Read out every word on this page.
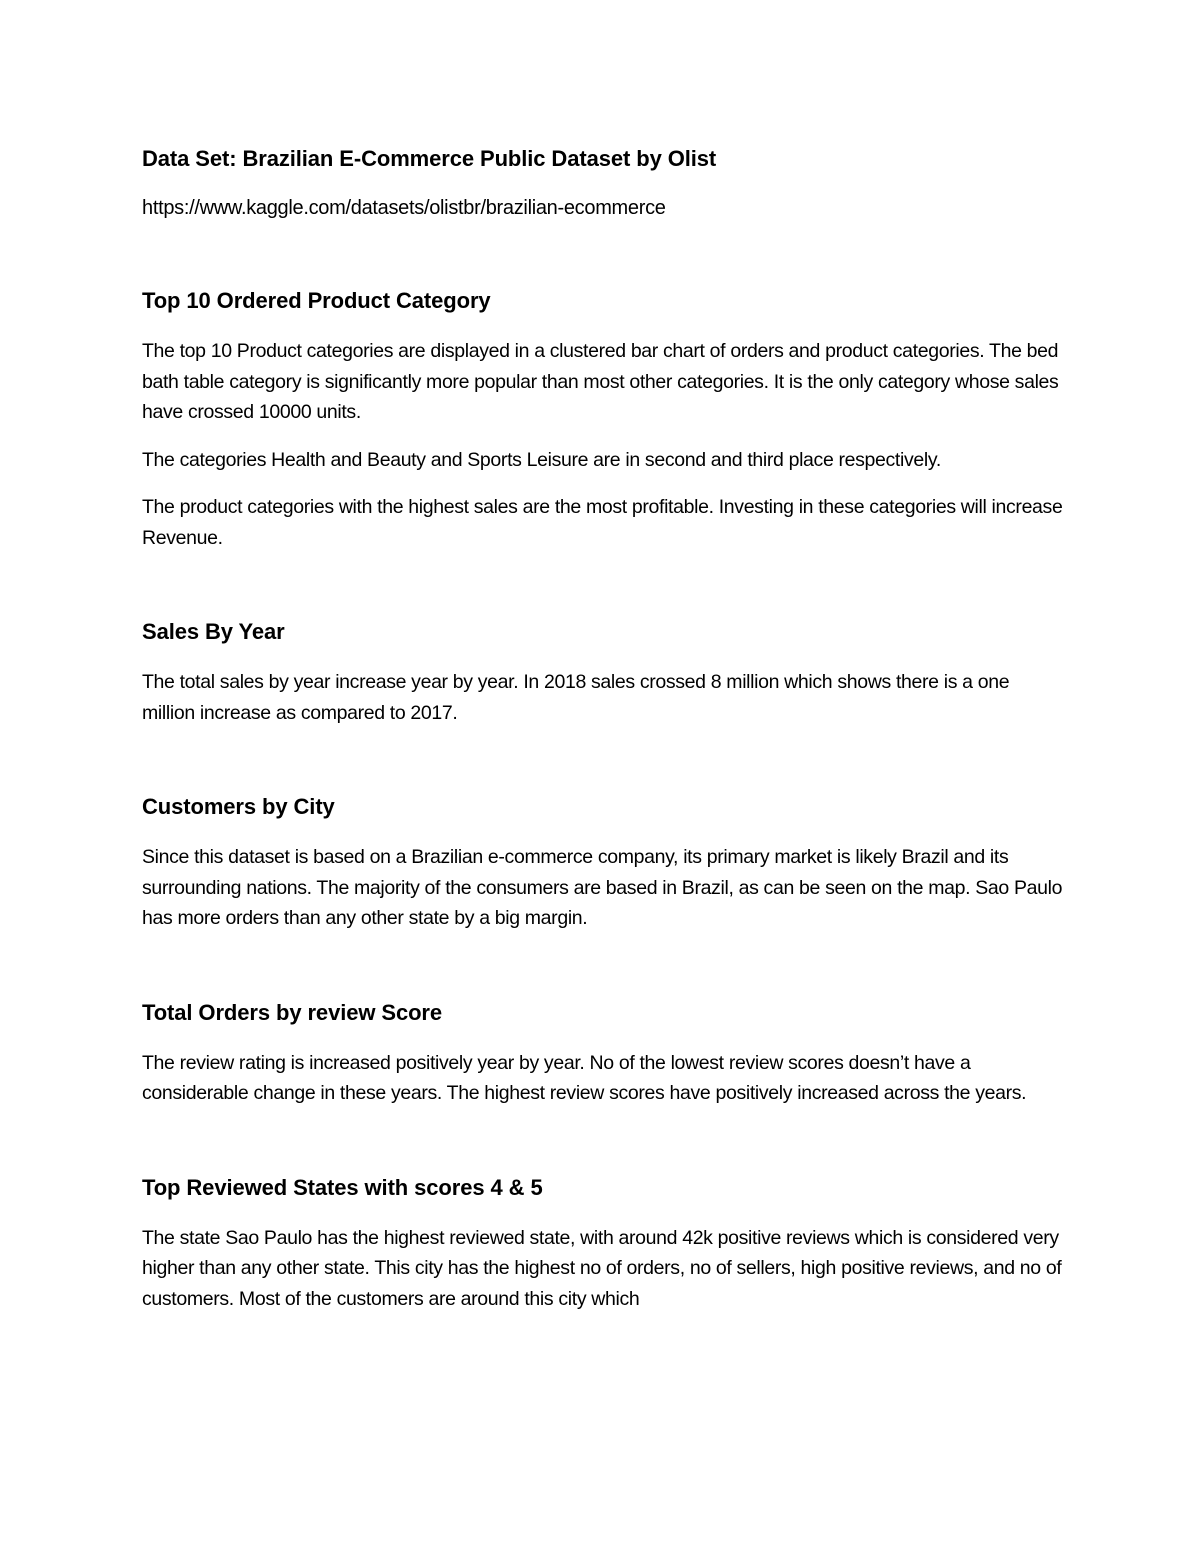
Data Set: Brazilian E-Commerce Public Dataset by Olist

https://www.kaggle.com/datasets/olistbr/brazilian-ecommerce

Top 10 Ordered Product Category

The top 10 Product categories are displayed in a clustered bar chart of orders and product categories. The bed bath table category is significantly more popular than most other categories. It is the only category whose sales have crossed 10000 units.

The categories Health and Beauty and Sports Leisure are in second and third place respectively.

The product categories with the highest sales are the most profitable. Investing in these categories will increase Revenue.

Sales By Year

The total sales by year increase year by year. In 2018 sales crossed 8 million which shows there is a one million increase as compared to 2017.

Customers by City

Since this dataset is based on a Brazilian e-commerce company, its primary market is likely Brazil and its surrounding nations. The majority of the consumers are based in Brazil, as can be seen on the map. Sao Paulo has more orders than any other state by a big margin.

Total Orders by review Score

The review rating is increased positively year by year. No of the lowest review scores doesn’t have a considerable change in these years. The highest review scores have positively increased across the years.

Top Reviewed States with scores 4 & 5

The state Sao Paulo has the highest reviewed state, with around 42k positive reviews which is considered very higher than any other state. This city has the highest no of orders, no of sellers, high positive reviews, and no of customers. Most of the customers are around this city which
